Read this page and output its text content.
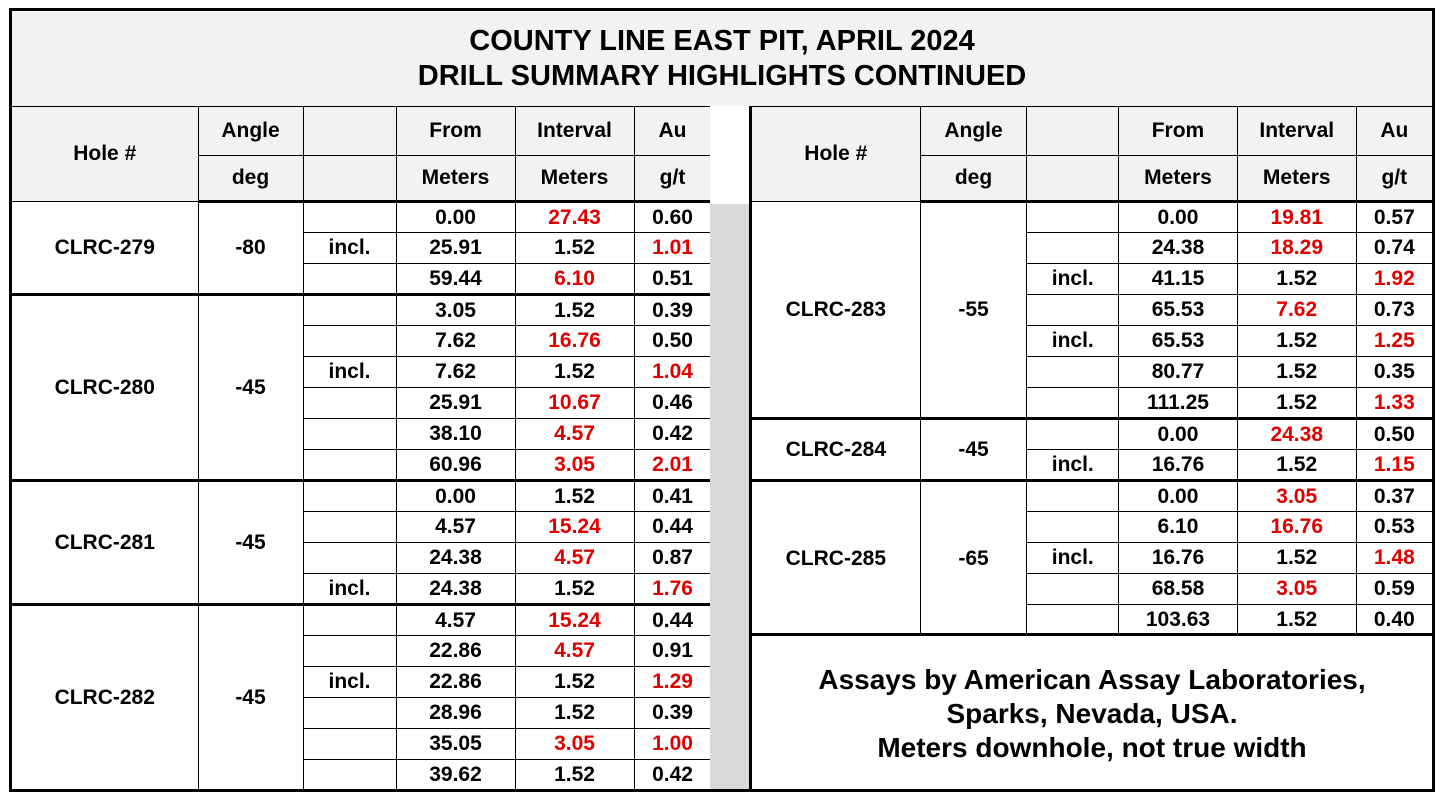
COUNTY LINE EAST PIT, APRIL 2024
DRILL SUMMARY HIGHLIGHTS CONTINUED
Hole #	Angle		From	Interval	Au
	deg		Meters	Meters	g/t
CLRC-279	-80		0.00	27.43	0.60
		incl.	25.91	1.52	1.01
			59.44	6.10	0.51
CLRC-280	-45		3.05	1.52	0.39
			7.62	16.76	0.50
		incl.	7.62	1.52	1.04
			25.91	10.67	0.46
			38.10	4.57	0.42
			60.96	3.05	2.01
CLRC-281	-45		0.00	1.52	0.41
			4.57	15.24	0.44
			24.38	4.57	0.87
		incl.	24.38	1.52	1.76
CLRC-282	-45		4.57	15.24	0.44
			22.86	4.57	0.91
		incl.	22.86	1.52	1.29
			28.96	1.52	0.39
			35.05	3.05	1.00
			39.62	1.52	0.42
Hole #	Angle		From	Interval	Au
	deg		Meters	Meters	g/t
CLRC-283	-55		0.00	19.81	0.57
			24.38	18.29	0.74
		incl.	41.15	1.52	1.92
			65.53	7.62	0.73
		incl.	65.53	1.52	1.25
			80.77	1.52	0.35
			111.25	1.52	1.33
CLRC-284	-45		0.00	24.38	0.50
		incl.	16.76	1.52	1.15
CLRC-285	-65		0.00	3.05	0.37
			6.10	16.76	0.53
		incl.	16.76	1.52	1.48
			68.58	3.05	0.59
			103.63	1.52	0.40
Assays by American Assay Laboratories,
Sparks, Nevada, USA.
Meters downhole, not true width
